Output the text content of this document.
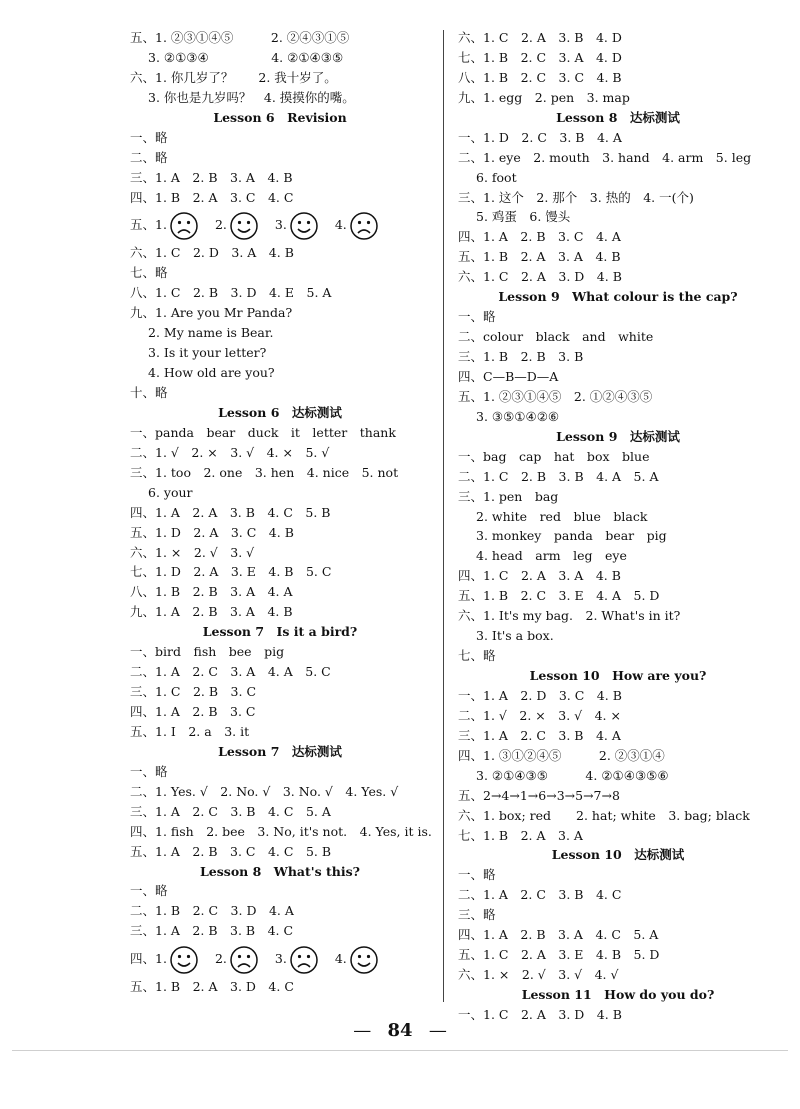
五、1. ②③①④⑤　　　2. ②④③①⑤
3. ②①③④　　　　　4. ②①④③⑤
六、1. 你几岁了？　　2. 我十岁了。
3. 你也是九岁吗？　4. 摸摸你的嘴。
Lesson 6　Revision
一、略
二、略
三、1. A　2. B　3. A　4. B
四、1. B　2. A　3. C　4. C
五、1.	2.	3.	4.
六、1. C　2. D　3. A　4. B
七、略
八、1. C　2. B　3. D　4. E　5. A
九、1. Are you Mr Panda?
2. My name is Bear.
3. Is it your letter?
4. How old are you?
十、略
Lesson 6　达标测试
一、panda　bear　duck　it　letter　thank
二、1. √　2. ×　3. √　4. ×　5. √
三、1. too　2. one　3. hen　4. nice　5. not
6. your
四、1. A　2. A　3. B　4. C　5. B
五、1. D　2. A　3. C　4. B
六、1. ×　2. √　3. √
七、1. D　2. A　3. E　4. B　5. C
八、1. B　2. B　3. A　4. A
九、1. A　2. B　3. A　4. B
Lesson 7　Is it a bird?
一、bird　fish　bee　pig
二、1. A　2. C　3. A　4. A　5. C
三、1. C　2. B　3. C
四、1. A　2. B　3. C
五、1. I　2. a　3. it
Lesson 7　达标测试
一、略
二、1. Yes. √　2. No. √　3. No. √　4. Yes. √
三、1. A　2. C　3. B　4. C　5. A
四、1. fish　2. bee　3. No, it's not.　4. Yes, it is.
五、1. A　2. B　3. C　4. C　5. B
Lesson 8　What's this?
一、略
二、1. B　2. C　3. D　4. A
三、1. A　2. B　3. B　4. C
四、1.	2.	3.	4.
五、1. B　2. A　3. D　4. C
六、1. C　2. A　3. B　4. D
七、1. B　2. C　3. A　4. D
八、1. B　2. C　3. C　4. B
九、1. egg　2. pen　3. map
Lesson 8　达标测试
一、1. D　2. C　3. B　4. A
二、1. eye　2. mouth　3. hand　4. arm　5. leg
6. foot
三、1. 这个　2. 那个　3. 热的　4. 一(个)
5. 鸡蛋　6. 馒头
四、1. A　2. B　3. C　4. A
五、1. B　2. A　3. A　4. B
六、1. C　2. A　3. D　4. B
Lesson 9　What colour is the cap?
一、略
二、colour　black　and　white
三、1. B　2. B　3. B
四、C—B—D—A
五、1. ②③①④⑤　2. ①②④③⑤
3. ③⑤①④②⑥
Lesson 9　达标测试
一、bag　cap　hat　box　blue
二、1. C　2. B　3. B　4. A　5. A
三、1. pen　bag
2. white　red　blue　black
3. monkey　panda　bear　pig
4. head　arm　leg　eye
四、1. C　2. A　3. A　4. B
五、1. B　2. C　3. E　4. A　5. D
六、1. It's my bag.　2. What's in it?
3. It's a box.
七、略
Lesson 10　How are you?
一、1. A　2. D　3. C　4. B
二、1. √　2. ×　3. √　4. ×
三、1. A　2. C　3. B　4. A
四、1. ③①②④⑤　　　2. ②③①④
3. ②①④③⑤　　　4. ②①④③⑤⑥
五、2→4→1→6→3→5→7→8
六、1. box; red　　2. hat; white　3. bag; black
七、1. B　2. A　3. A
Lesson 10　达标测试
一、略
二、1. A　2. C　3. B　4. C
三、略
四、1. A　2. B　3. A　4. C　5. A
五、1. C　2. A　3. E　4. B　5. D
六、1. ×　2. √　3. √　4. √
Lesson 11　How do you do?
一、1. C　2. A　3. D　4. B
— 84 —
